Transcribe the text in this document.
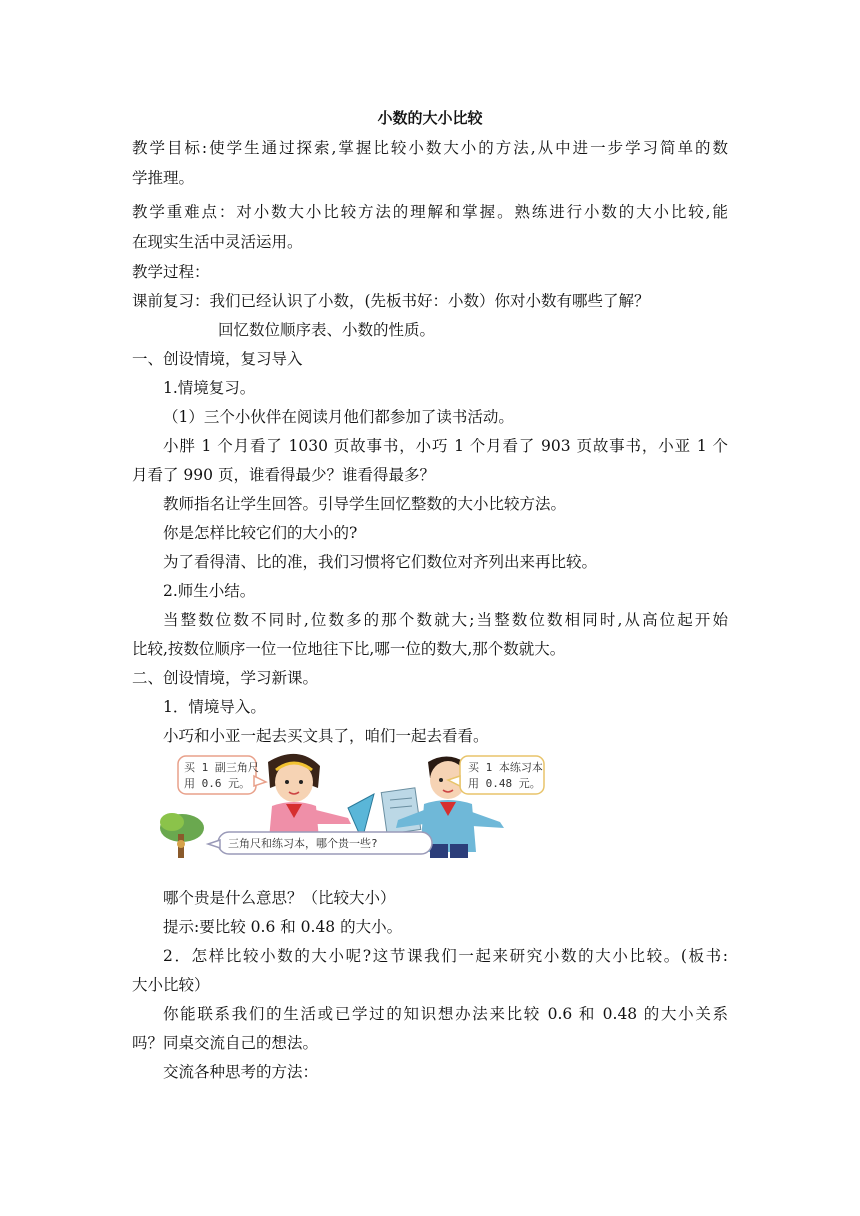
小数的大小比较
教学目标:使学生通过探索,掌握比较小数大小的方法,从中进一步学习简单的数
学推理。
教学重难点：对小数大小比较方法的理解和掌握。熟练进行小数的大小比较,能
在现实生活中灵活运用。
教学过程：
课前复习：我们已经认识了小数，(先板书好：小数）你对小数有哪些了解？
回忆数位顺序表、小数的性质。
一、创设情境，复习导入
1.情境复习。
（1）三个小伙伴在阅读月他们都参加了读书活动。
小胖 1 个月看了 1030 页故事书，小巧 1 个月看了 903 页故事书，小亚 1 个
月看了 990 页，谁看得最少？谁看得最多？
教师指名让学生回答。引导学生回忆整数的大小比较方法。
你是怎样比较它们的大小的?
为了看得清、比的准，我们习惯将它们数位对齐列出来再比较。
2.师生小结。
当整数位数不同时,位数多的那个数就大;当整数位数相同时,从高位起开始
比较,按数位顺序一位一位地往下比,哪一位的数大,那个数就大。
二、创设情境，学习新课。
1．情境导入。
小巧和小亚一起去买文具了，咱们一起去看看。
买 1 副三角尺
用 0.6 元。
买 1 本练习本
用 0.48 元。
三角尺和练习本，哪个贵一些?
哪个贵是什么意思？（比较大小）
提示:要比较 0.6 和 0.48 的大小。
2．怎样比较小数的大小呢?这节课我们一起来研究小数的大小比较。(板书:
大小比较）
你能联系我们的生活或已学过的知识想办法来比较 0.6 和 0.48 的大小关系
吗？同桌交流自己的想法。
交流各种思考的方法：
